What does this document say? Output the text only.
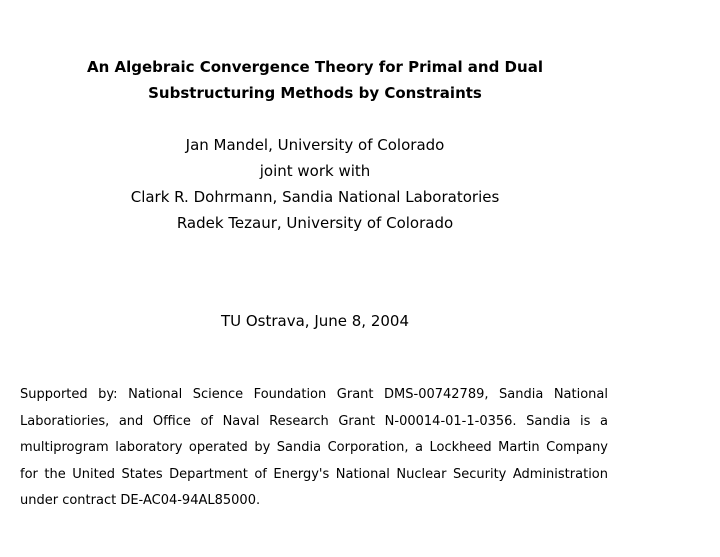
An Algebraic Convergence Theory for Primal and Dual
Substructuring Methods by Constraints
Jan Mandel, University of Colorado
joint work with
Clark R. Dohrmann, Sandia National Laboratories
Radek Tezaur, University of Colorado
TU Ostrava, June 8, 2004
Supported by: National Science Foundation Grant DMS-00742789, Sandia National Laboratiories, and Office of Naval Research Grant N-00014-01-1-0356. Sandia is a multiprogram laboratory operated by Sandia Corporation, a Lockheed Martin Company for the United States Department of Energy's National Nuclear Security Administration under contract DE-AC04-94AL85000.
